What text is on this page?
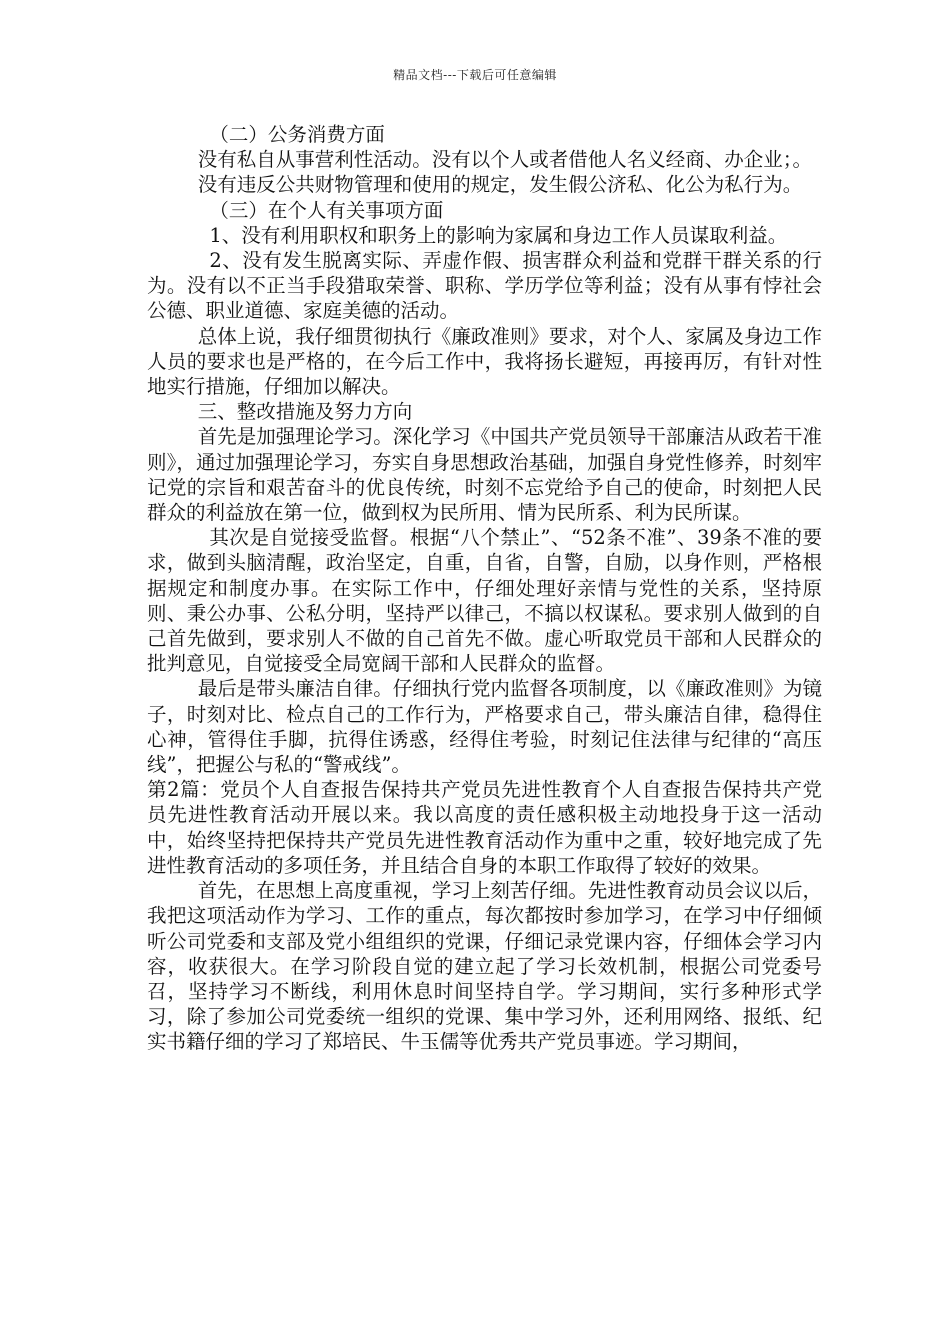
精品文档---下载后可任意编辑

（二）公务消费方面

没有私自从事营利性活动。没有以个人或者借他人名义经商、办企业；。

没有违反公共财物管理和使用的规定，发生假公济私、化公为私行为。

（三）在个人有关事项方面

1、没有利用职权和职务上的影响为家属和身边工作人员谋取利益。

2、没有发生脱离实际、弄虚作假、损害群众利益和党群干群关系的行为。没有以不正当手段猎取荣誉、职称、学历学位等利益；没有从事有悖社会公德、职业道德、家庭美德的活动。

总体上说，我仔细贯彻执行《廉政准则》要求，对个人、家属及身边工作人员的要求也是严格的，在今后工作中，我将扬长避短，再接再厉，有针对性地实行措施，仔细加以解决。

三、整改措施及努力方向

首先是加强理论学习。深化学习《中国共产党员领导干部廉洁从政若干准则》，通过加强理论学习，夯实自身思想政治基础，加强自身党性修养，时刻牢记党的宗旨和艰苦奋斗的优良传统，时刻不忘党给予自己的使命，时刻把人民群众的利益放在第一位，做到权为民所用、情为民所系、利为民所谋。

其次是自觉接受监督。根据“八个禁止”、“52条不准”、39条不准的要求，做到头脑清醒，政治坚定，自重，自省，自警，自励，以身作则，严格根据规定和制度办事。在实际工作中，仔细处理好亲情与党性的关系，坚持原则、秉公办事、公私分明，坚持严以律己，不搞以权谋私。要求别人做到的自己首先做到，要求别人不做的自己首先不做。虚心听取党员干部和人民群众的批判意见，自觉接受全局宽阔干部和人民群众的监督。

最后是带头廉洁自律。仔细执行党内监督各项制度，以《廉政准则》为镜子，时刻对比、检点自己的工作行为，严格要求自己，带头廉洁自律，稳得住心神，管得住手脚，抗得住诱惑，经得住考验，时刻记住法律与纪律的“高压线”，把握公与私的“警戒线”。

第2篇：党员个人自查报告保持共产党员先进性教育个人自查报告保持共产党员先进性教育活动开展以来。我以高度的责任感积极主动地投身于这一活动中，始终坚持把保持共产党员先进性教育活动作为重中之重，较好地完成了先进性教育活动的多项任务，并且结合自身的本职工作取得了较好的效果。

首先，在思想上高度重视，学习上刻苦仔细。先进性教育动员会议以后，我把这项活动作为学习、工作的重点，每次都按时参加学习，在学习中仔细倾听公司党委和支部及党小组组织的党课，仔细记录党课内容，仔细体会学习内容，收获很大。在学习阶段自觉的建立起了学习长效机制，根据公司党委号召，坚持学习不断线，利用休息时间坚持自学。学习期间，实行多种形式学习，除了参加公司党委统一组织的党课、集中学习外，还利用网络、报纸、纪实书籍仔细的学习了郑培民、牛玉儒等优秀共产党员事迹。学习期间，
